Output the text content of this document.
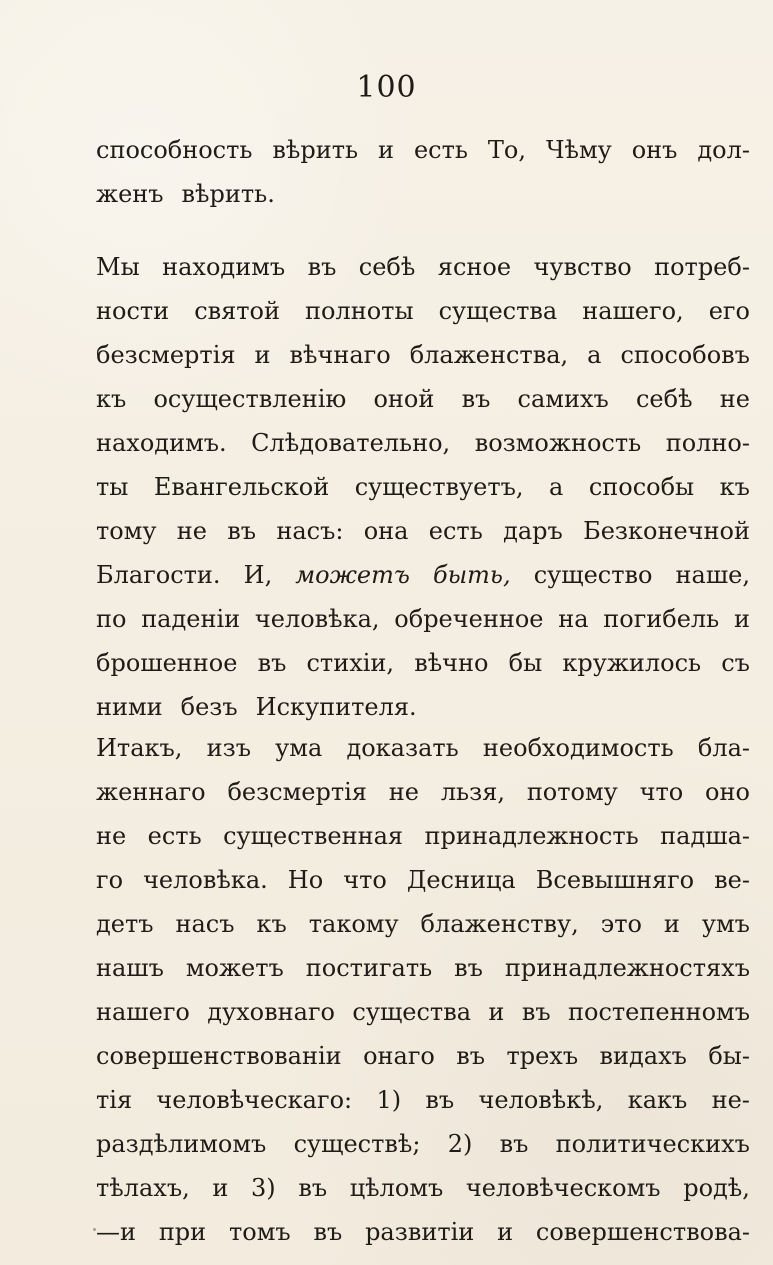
100
способность вѣрить и есть То, Чѣму онъ дол-
женъ вѣрить.
Мы находимъ въ себѣ ясное чувство потреб-
ности святой полноты существа нашего, его
безсмертія и вѣчнаго блаженства, а способовъ
къ осуществленію оной въ самихъ себѣ не
находимъ. Слѣдовательно, возможность полно-
ты Евангельской существуетъ, а способы къ
тому не въ насъ: она есть даръ Безконечной
Благости. И, можетъ быть, существо наше,
по паденіи человѣка, обреченное на погибель и
брошенное въ стихіи, вѣчно бы кружилось съ
ними безъ Искупителя.
Итакъ, изъ ума доказать необходимость бла-
женнаго безсмертія не льзя, потому что оно
не есть существенная принадлежность падша-
го человѣка. Но что Десница Всевышняго ве-
детъ насъ къ такому блаженству, это и умъ
нашъ можетъ постигать въ принадлежностяхъ
нашего духовнаго существа и въ постепенномъ
совершенствованіи онаго въ трехъ видахъ бы-
тія человѣческаго: 1) въ человѣкѣ, какъ не-
раздѣлимомъ существѣ; 2) въ политическихъ
тѣлахъ, и 3) въ цѣломъ человѣческомъ родѣ,
—и при томъ въ развитіи и совершенствова-
